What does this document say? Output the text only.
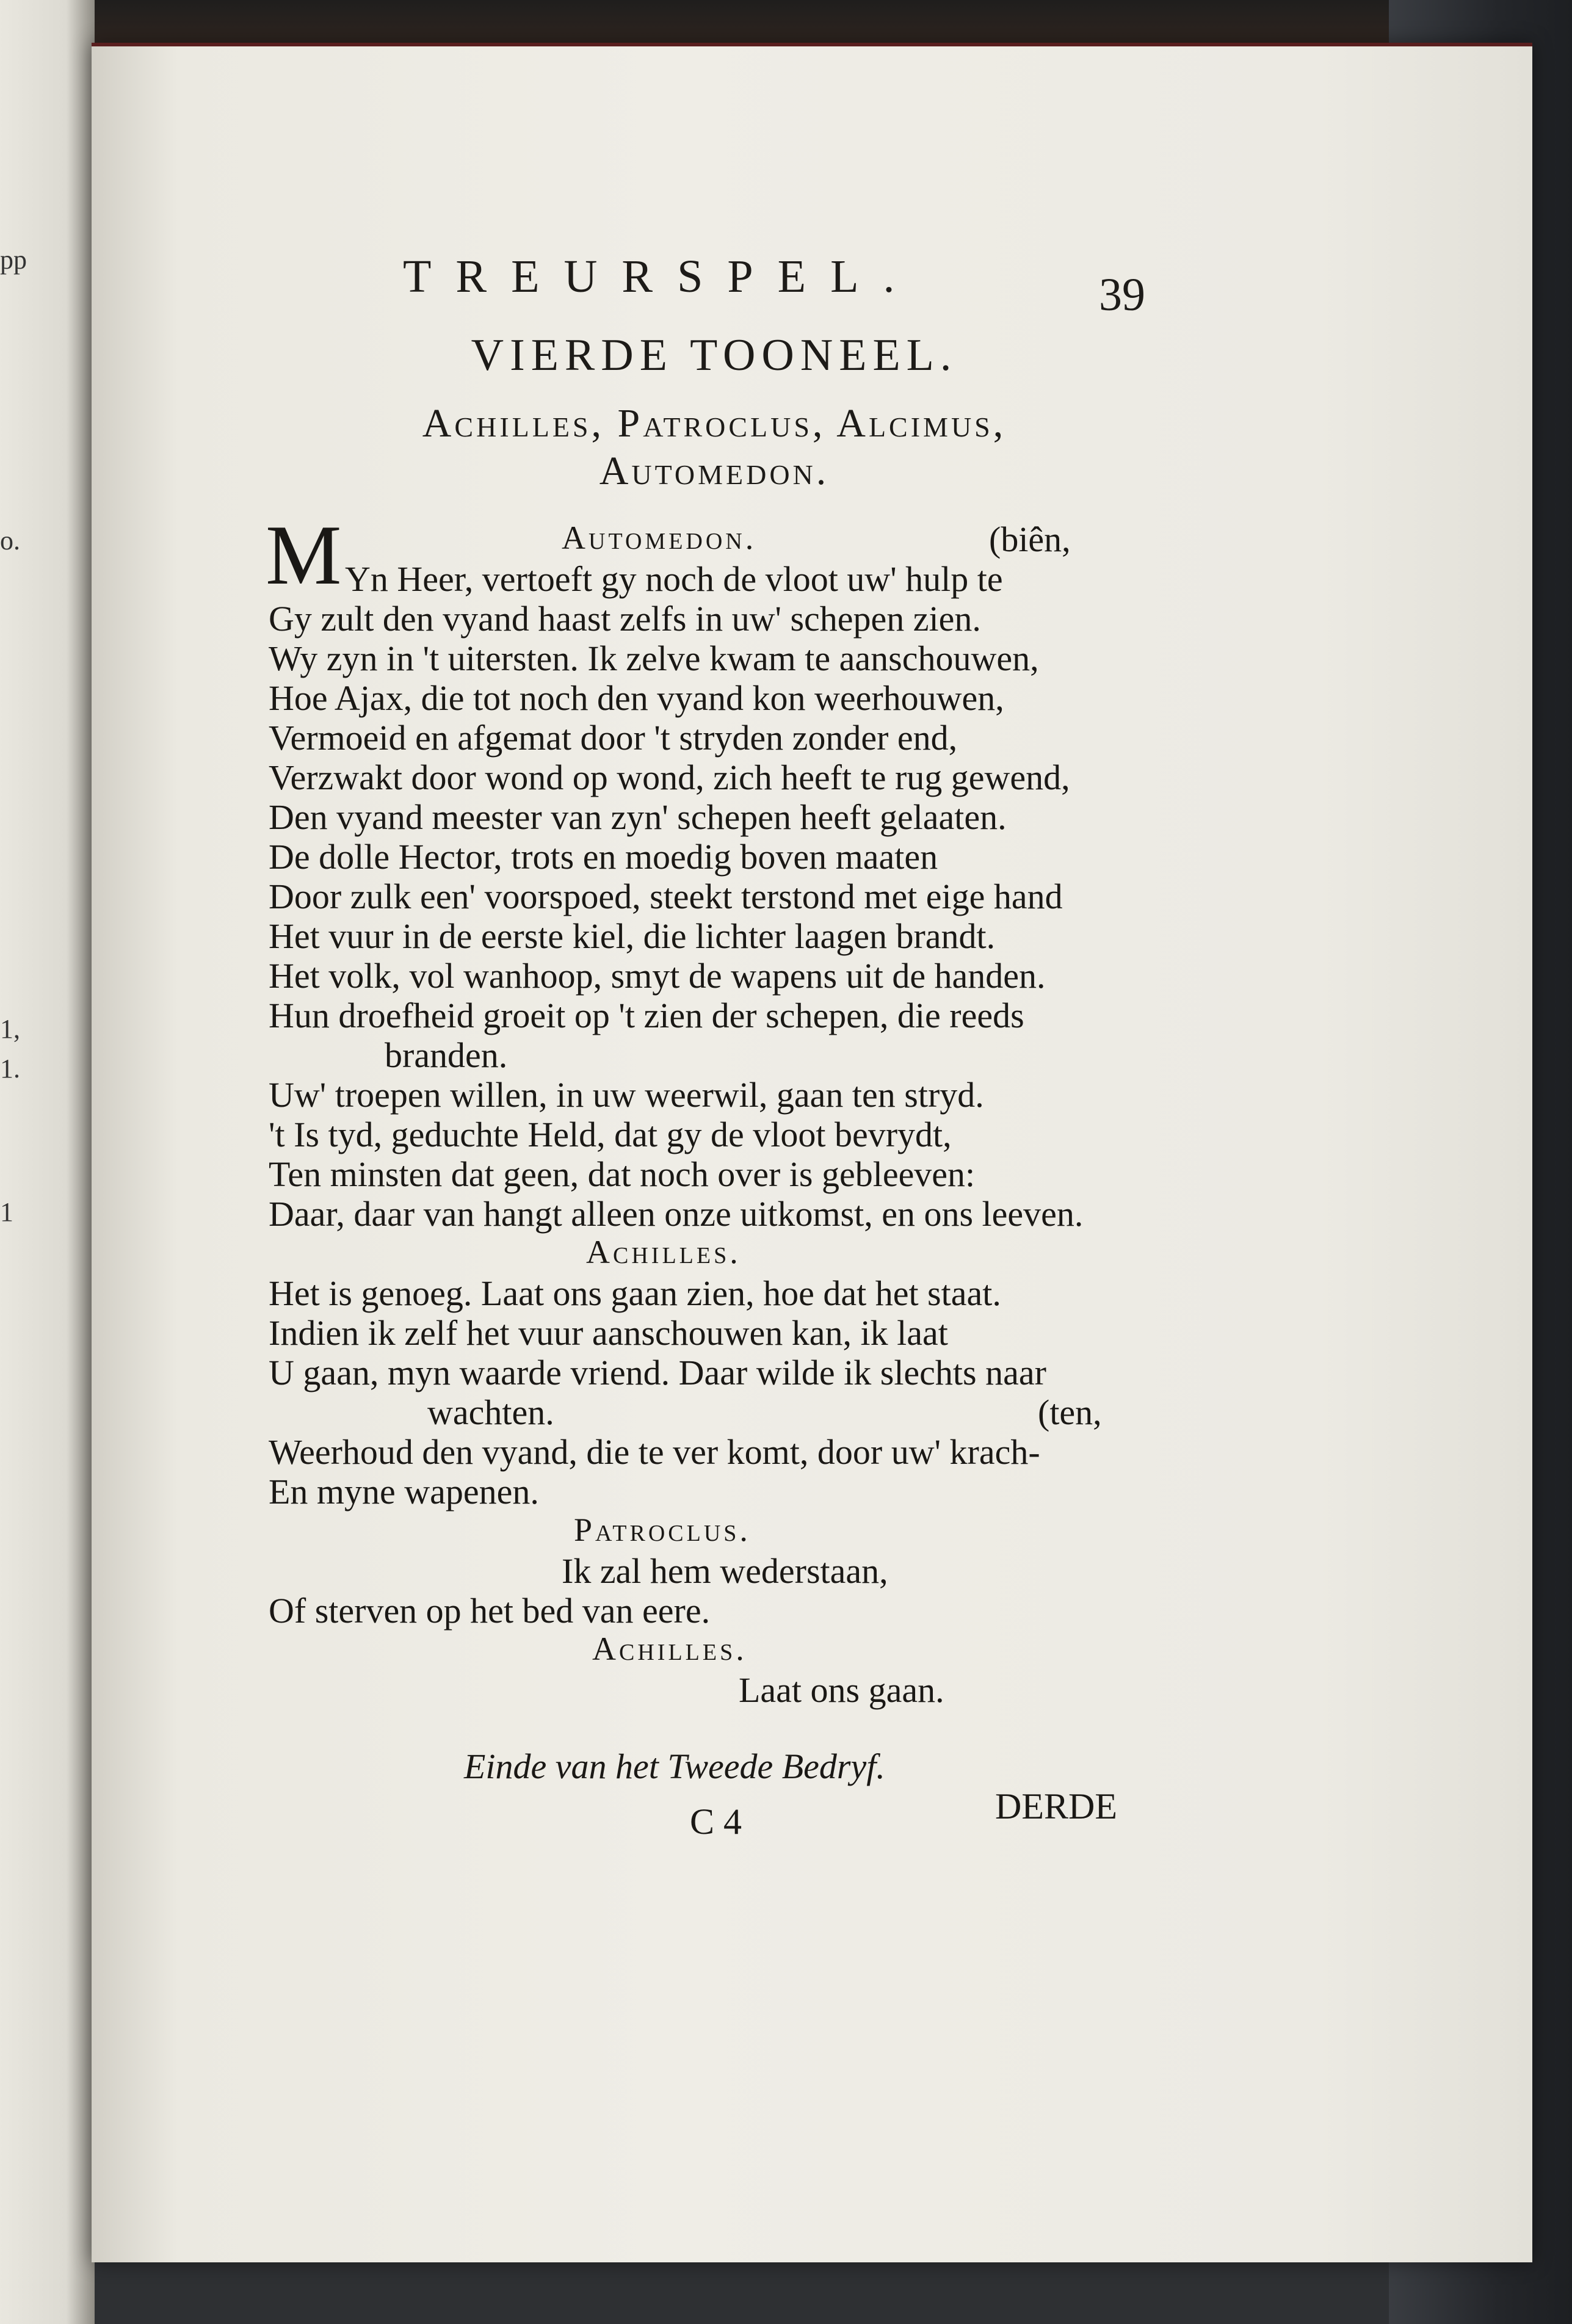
pp
o.
1,
1.
1
TREURSPEL.	39
VIERDE TOONEEL.
Achilles, Patroclus, Alcimus,
Automedon.
Automedon.	(biên,
M Yn Heer, vertoeft gy noch de vloot uw' hulp te
Gy zult den vyand haast zelfs in uw' schepen zien.
Wy zyn in 't uitersten. Ik zelve kwam te aanschouwen,
Hoe Ajax, die tot noch den vyand kon weerhouwen,
Vermoeid en afgemat door 't stryden zonder end,
Verzwakt door wond op wond, zich heeft te rug gewend,
Den vyand meester van zyn' schepen heeft gelaaten.
De dolle Hector, trots en moedig boven maaten
Door zulk een' voorspoed, steekt terstond met eige hand
Het vuur in de eerste kiel, die lichter laagen brandt.
Het volk, vol wanhoop, smyt de wapens uit de handen.
Hun droefheid groeit op 't zien der schepen, die reeds
branden.
Uw' troepen willen, in uw weerwil, gaan ten stryd.
't Is tyd, geduchte Held, dat gy de vloot bevrydt,
Ten minsten dat geen, dat noch over is gebleeven:
Daar, daar van hangt alleen onze uitkomst, en ons leeven.
Achilles.
Het is genoeg. Laat ons gaan zien, hoe dat het staat.
Indien ik zelf het vuur aanschouwen kan, ik laat
U gaan, myn waarde vriend. Daar wilde ik slechts naar
wachten.	(ten,
Weerhoud den vyand, die te ver komt, door uw' krach-
En myne wapenen.
Patroclus.
Ik zal hem wederstaan,
Of sterven op het bed van eere.
Achilles.
Laat ons gaan.
Einde van het Tweede Bedryf.
C 4	DERDE
